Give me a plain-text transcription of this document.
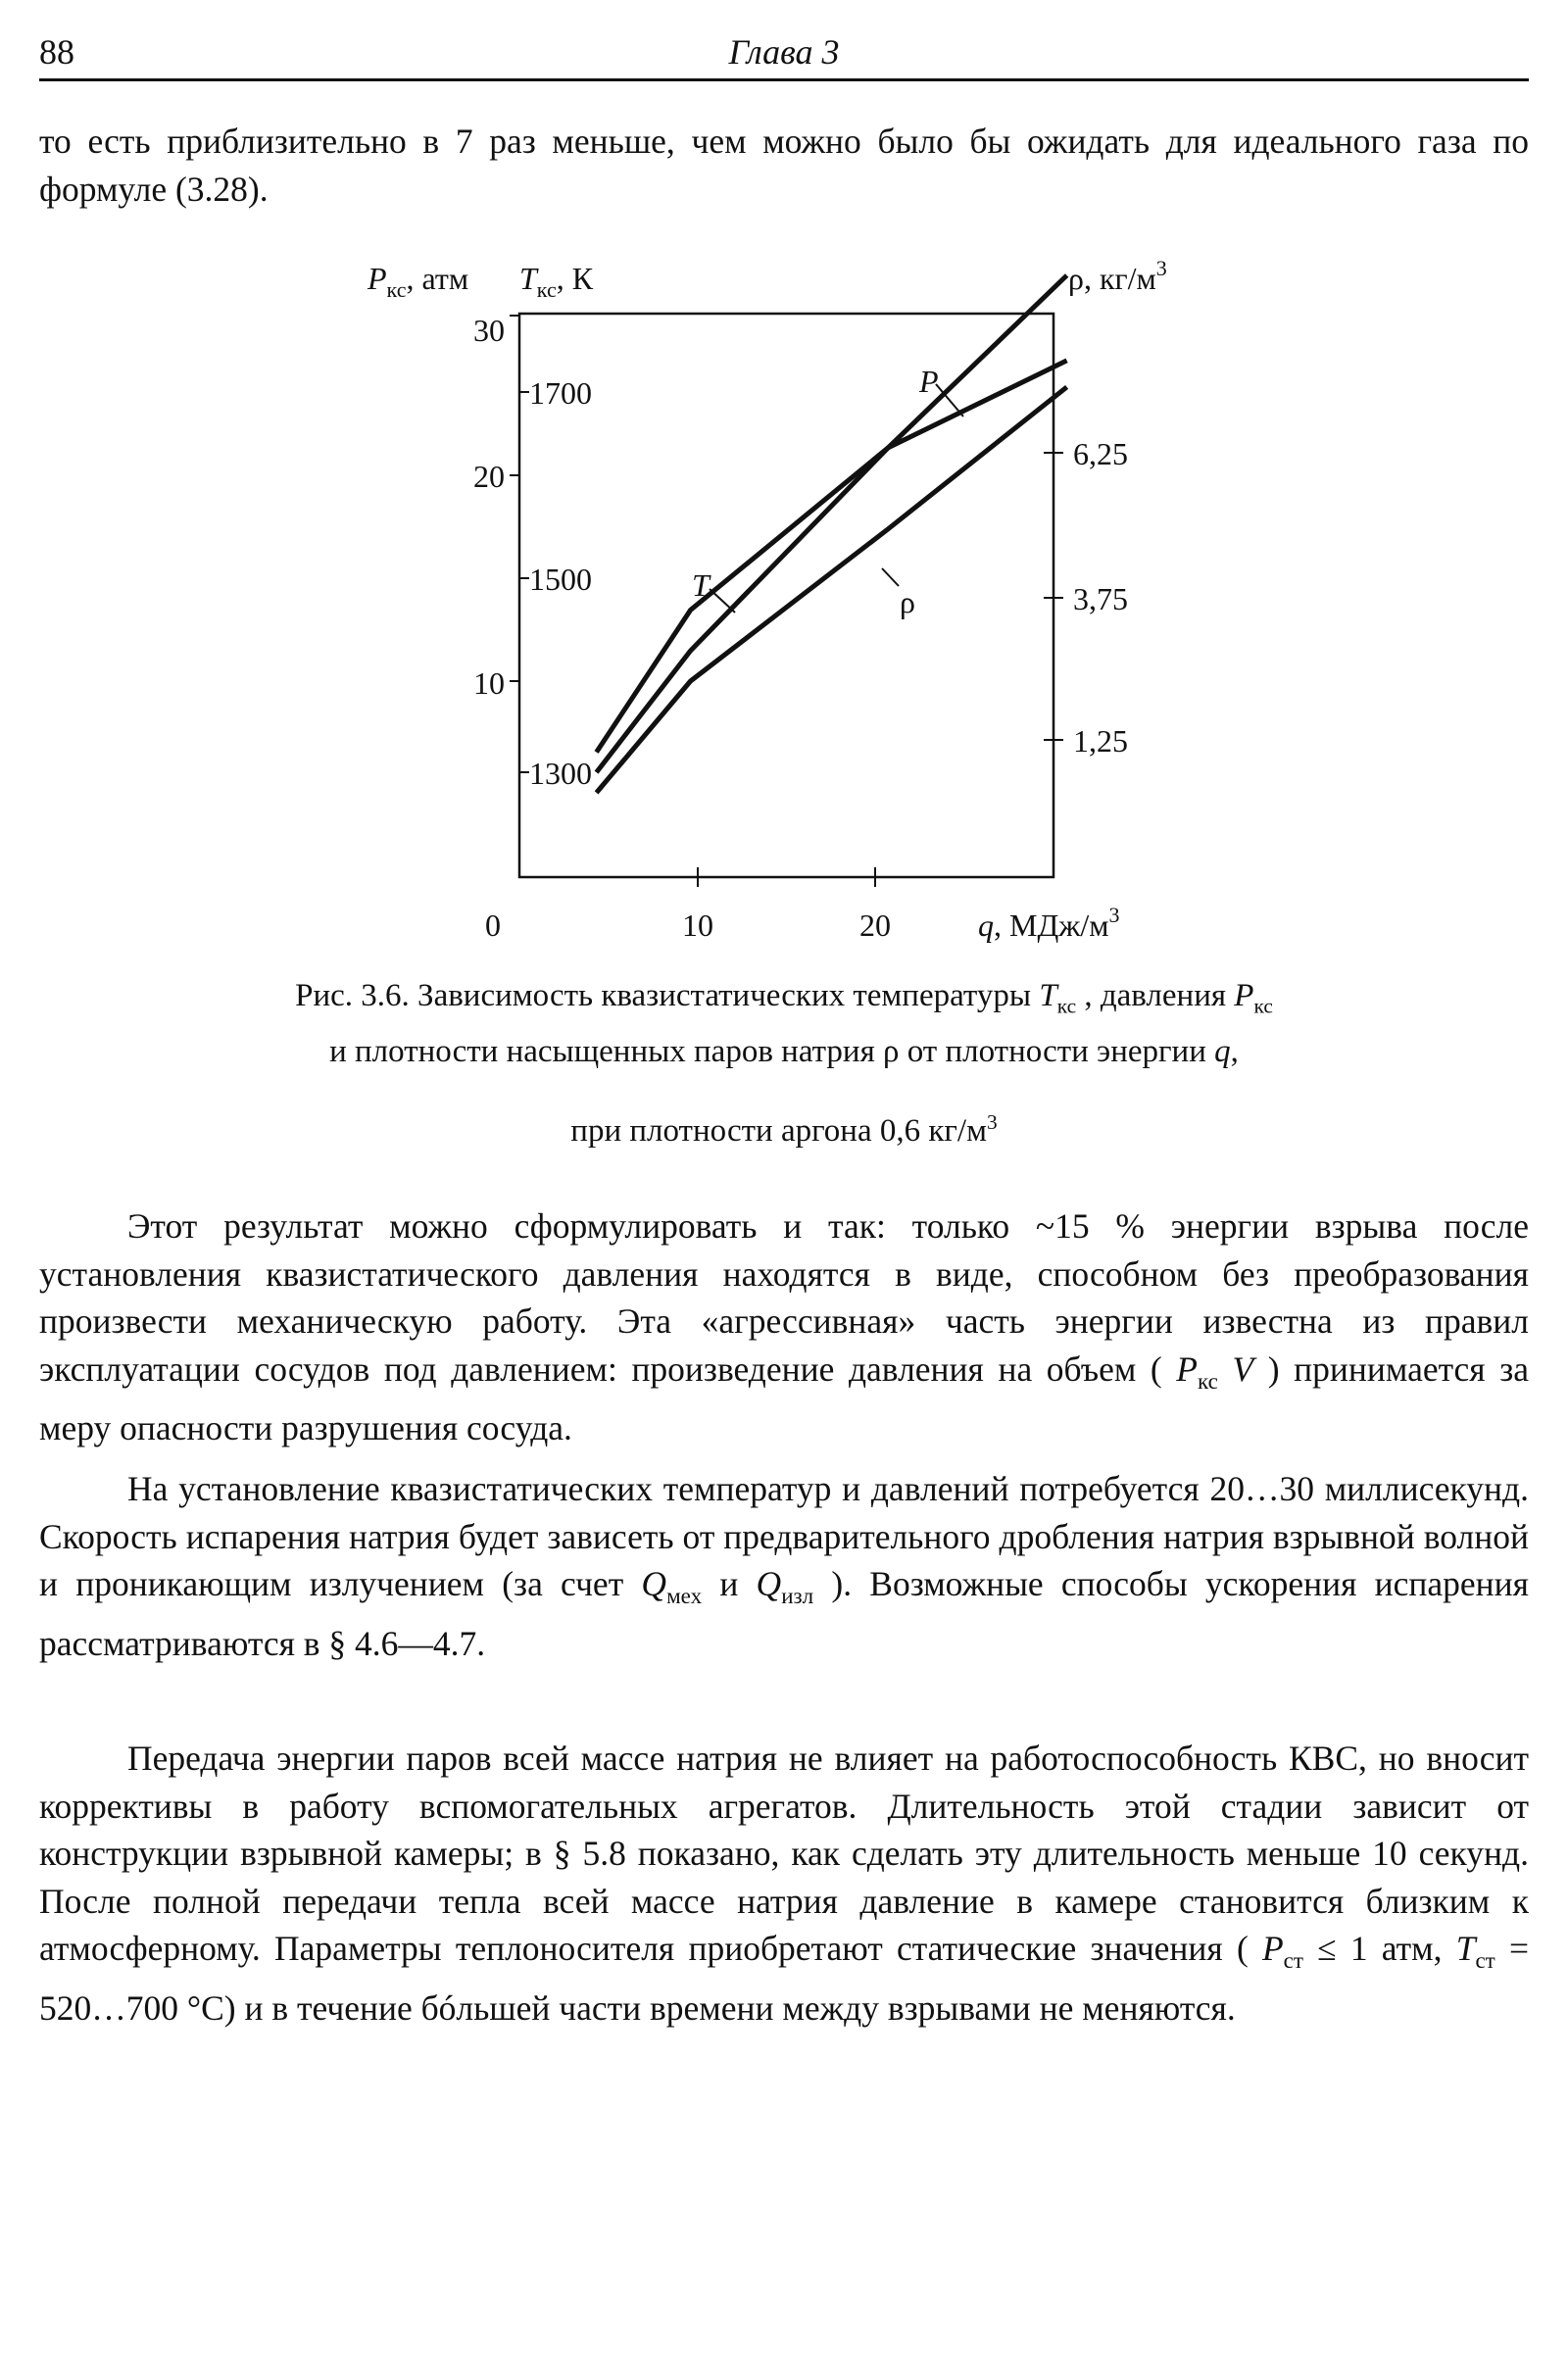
88	Глава 3

то есть приблизительно в 7 раз меньше, чем можно было бы ожидать для идеального газа по формуле (3.28).

$P_{кс}$, атм $T_{кс}$, К	ρ, $кг/м^3$
30
20
10
1700
1500
1300
6,25
3,75
1,25
0	10	20	q, МДж/$м^3$
P
T	ρ
Рис. 3.6. Зависимость квазистатических температуры $T_{кс}$ , давления $P_{кс}$
и плотности насыщенных паров натрия ρ от плотности энергии q,
при плотности аргона 0,6 $кг/м^3$

Этот результат можно сформулировать и так: только ~15 % энергии взрыва после установления квазистатического давления находятся в виде, способном без преобразования произвести механическую работу. Эта «агрессивная» часть энергии известна из правил эксплуатации сосудов под давлением: произведение давления на объем ( $P_{кс}$ V ) принимается за меру опасности разрушения сосуда.

На установление квазистатических температур и давлений потребуется 20…30 миллисекунд. Скорость испарения натрия будет зависеть от предварительного дробления натрия взрывной волной и проникающим излучением (за счет $Q_{мех}$ и $Q_{изл}$ ). Возможные способы ускорения испарения рассматриваются в § 4.6—4.7.

Передача энергии паров всей массе натрия не влияет на работоспособность КВС, но вносит коррективы в работу вспомогательных агрегатов. Длительность этой стадии зависит от конструкции взрывной камеры; в § 5.8 показано, как сделать эту длительность меньше 10 секунд. После полной передачи тепла всей массе натрия давление в камере становится близким к атмосферному. Параметры теплоносителя приобретают статические значения ( $P_{ст} \le 1$ атм, $T_{ст}$ = 520…700 °С) и в течение бóльшей части времени между взрывами не меняются.
